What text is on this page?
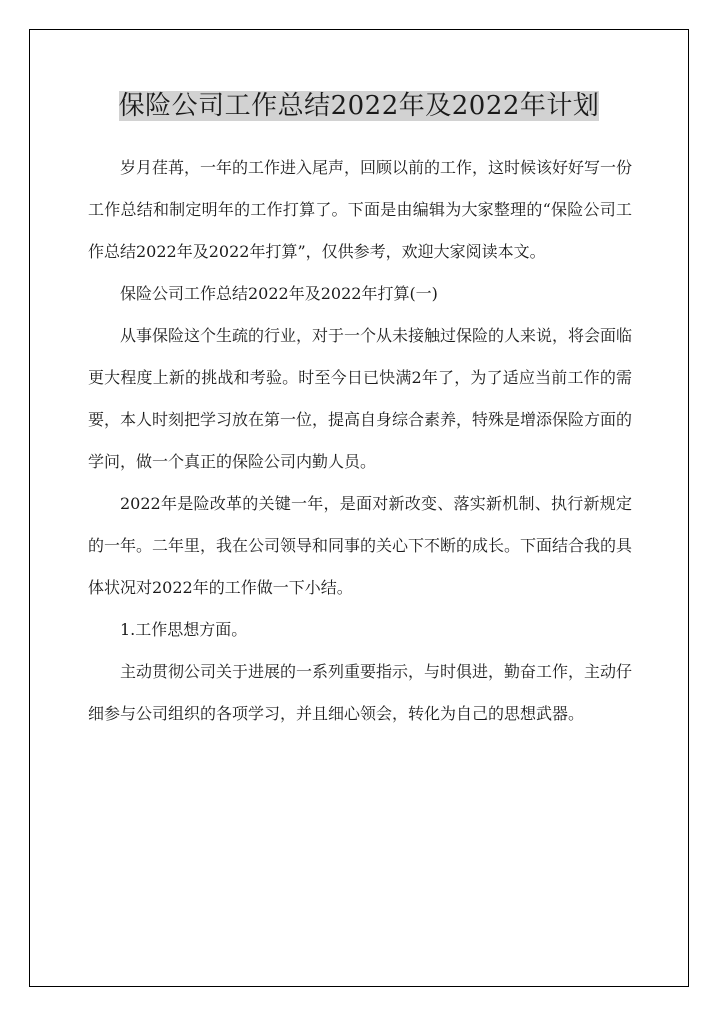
保险公司工作总结2022年及2022年计划

岁月荏苒，一年的工作进入尾声，回顾以前的工作，这时候该好好写一份工作总结和制定明年的工作打算了。下面是由编辑为大家整理的“保险公司工作总结2022年及2022年打算”，仅供参考，欢迎大家阅读本文。

保险公司工作总结2022年及2022年打算(一)

从事保险这个生疏的行业，对于一个从未接触过保险的人来说，将会面临更大程度上新的挑战和考验。时至今日已快满2年了，为了适应当前工作的需要，本人时刻把学习放在第一位，提高自身综合素养，特殊是增添保险方面的学问，做一个真正的保险公司内勤人员。

2022年是险改革的关键一年，是面对新改变、落实新机制、执行新规定的一年。二年里，我在公司领导和同事的关心下不断的成长。下面结合我的具体状况对2022年的工作做一下小结。

1.工作思想方面。

主动贯彻公司关于进展的一系列重要指示，与时俱进，勤奋工作，主动仔细参与公司组织的各项学习，并且细心领会，转化为自己的思想武器。
